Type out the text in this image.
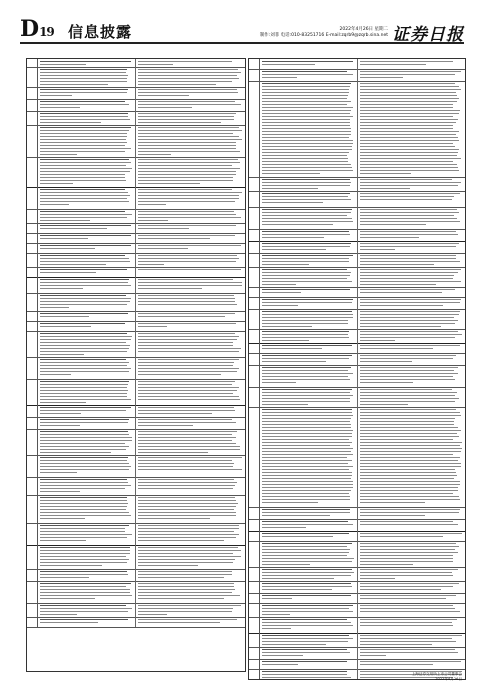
D19 信息披露	2022年4月26日 星期二
制作:刘菲 电话:010-83251716 E-mail:zqrb9@zqrb.sina.net 证券日报
上海证券交易所上市公司董事会
2022年4月26日
